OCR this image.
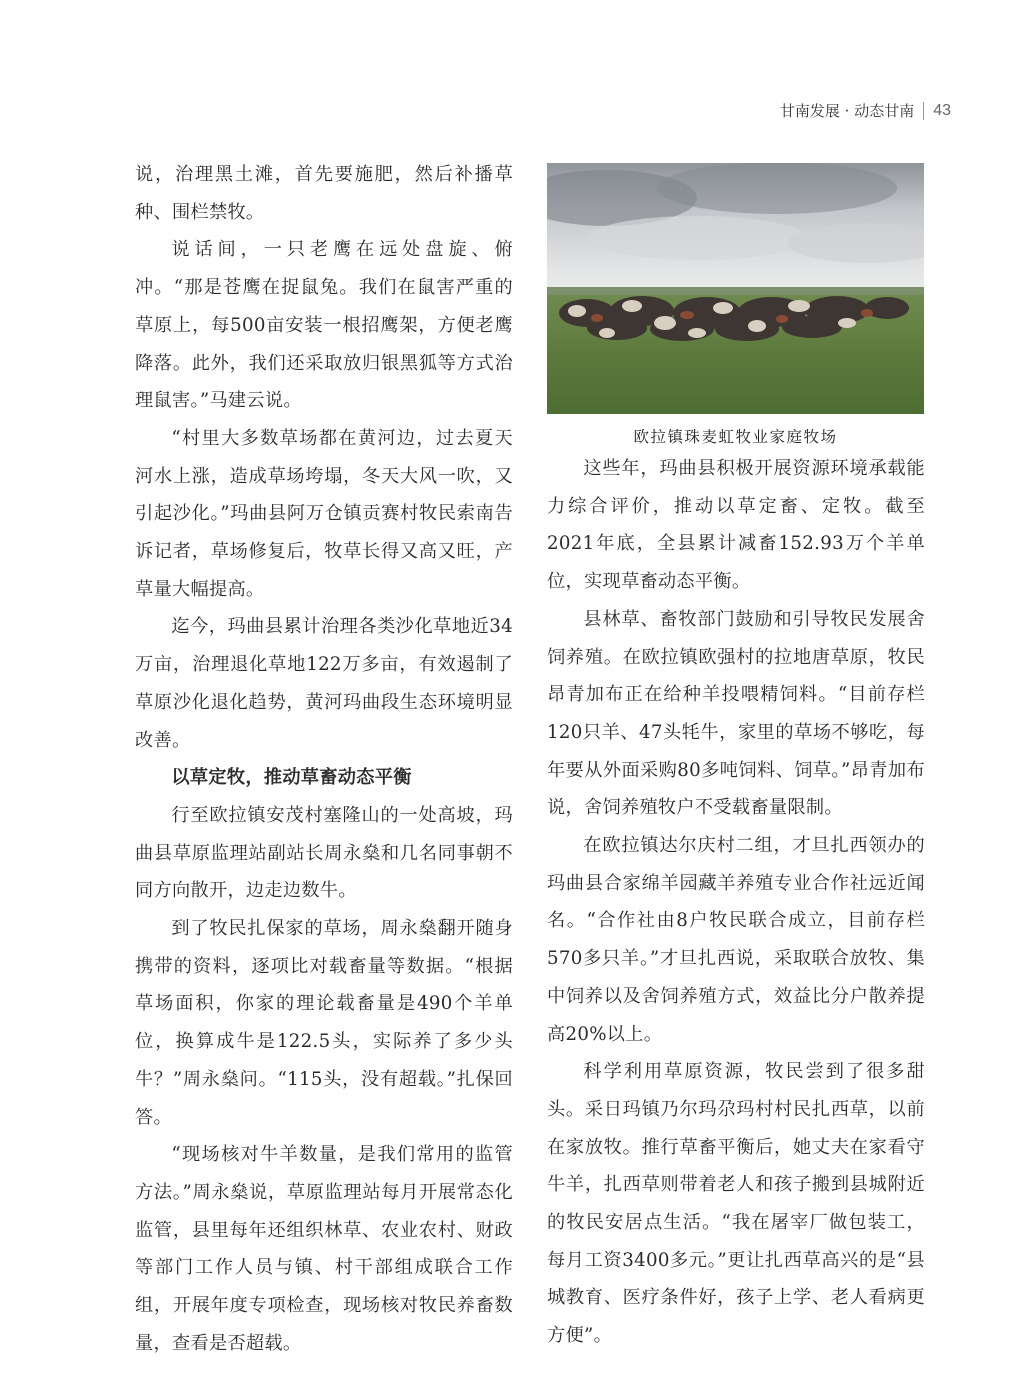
甘南发展 · 动态甘南 43

说，治理黑土滩，首先要施肥，然后补播草种、围栏禁牧。

说话间，一只老鹰在远处盘旋、俯冲。“那是苍鹰在捉鼠兔。我们在鼠害严重的草原上，每500亩安装一根招鹰架，方便老鹰降落。此外，我们还采取放归银黑狐等方式治理鼠害。”马建云说。

“村里大多数草场都在黄河边，过去夏天河水上涨，造成草场垮塌，冬天大风一吹，又引起沙化。”玛曲县阿万仓镇贡赛村牧民索南告诉记者，草场修复后，牧草长得又高又旺，产草量大幅提高。

迄今，玛曲县累计治理各类沙化草地近34万亩，治理退化草地122万多亩，有效遏制了草原沙化退化趋势，黄河玛曲段生态环境明显改善。

以草定牧，推动草畜动态平衡

行至欧拉镇安茂村塞隆山的一处高坡，玛曲县草原监理站副站长周永燊和几名同事朝不同方向散开，边走边数牛。

到了牧民扎保家的草场，周永燊翻开随身携带的资料，逐项比对载畜量等数据。“根据草场面积，你家的理论载畜量是490个羊单位，换算成牛是122.5头，实际养了多少头牛？”周永燊问。“115头，没有超载。”扎保回答。

“现场核对牛羊数量，是我们常用的监管方法。”周永燊说，草原监理站每月开展常态化监管，县里每年还组织林草、农业农村、财政等部门工作人员与镇、村干部组成联合工作组，开展年度专项检查，现场核对牧民养畜数量，查看是否超载。

欧拉镇珠麦虹牧业家庭牧场

这些年，玛曲县积极开展资源环境承载能力综合评价，推动以草定畜、定牧。截至2021年底，全县累计减畜152.93万个羊单位，实现草畜动态平衡。

县林草、畜牧部门鼓励和引导牧民发展舍饲养殖。在欧拉镇欧强村的拉地唐草原，牧民昂青加布正在给种羊投喂精饲料。“目前存栏120只羊、47头牦牛，家里的草场不够吃，每年要从外面采购80多吨饲料、饲草。”昂青加布说，舍饲养殖牧户不受载畜量限制。

在欧拉镇达尔庆村二组，才旦扎西领办的玛曲县合家绵羊园藏羊养殖专业合作社远近闻名。“合作社由8户牧民联合成立，目前存栏570多只羊。”才旦扎西说，采取联合放牧、集中饲养以及舍饲养殖方式，效益比分户散养提高20%以上。

科学利用草原资源，牧民尝到了很多甜头。采日玛镇乃尔玛尕玛村村民扎西草，以前在家放牧。推行草畜平衡后，她丈夫在家看守牛羊，扎西草则带着老人和孩子搬到县城附近的牧民安居点生活。“我在屠宰厂做包装工，每月工资3400多元。”更让扎西草高兴的是“县城教育、医疗条件好，孩子上学、老人看病更方便”。
